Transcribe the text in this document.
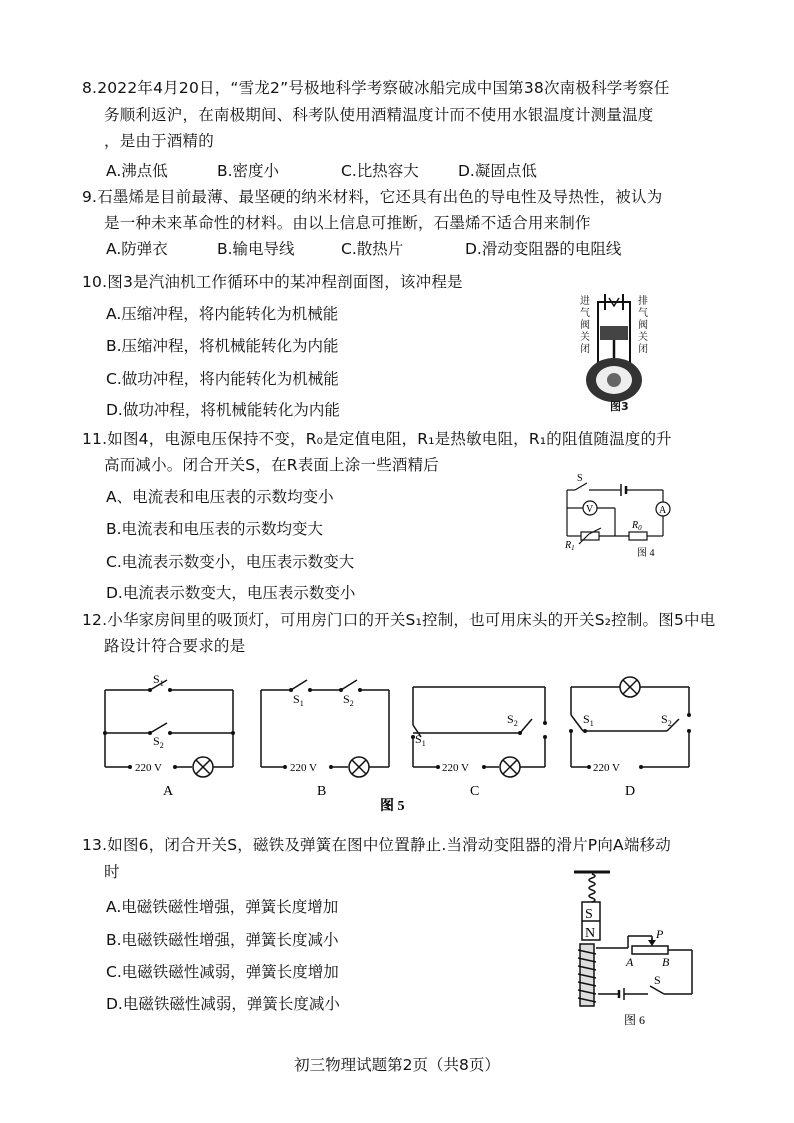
8.2022年4月20日，“雪龙2”号极地科学考察破冰船完成中国第38次南极科学考察任
务顺利返沪，在南极期间、科考队使用酒精温度计而不使用水银温度计测量温度
，是由于酒精的
A.沸点低	B.密度小	C.比热容大	D.凝固点低
9.石墨烯是目前最薄、最坚硬的纳米材料，它还具有出色的导电性及导热性，被认为
是一种未来革命性的材料。由以上信息可推断，石墨烯不适合用来制作
A.防弹衣	B.输电导线	C.散热片	D.滑动变阻器的电阻线
10.图3是汽油机工作循环中的某冲程剖面图，该冲程是
A.压缩冲程，将内能转化为机械能
B.压缩冲程，将机械能转化为内能
C.做功冲程，将内能转化为机械能
D.做功冲程，将机械能转化为内能
进气阀关闭
排气阀关闭
图3
11.如图4，电源电压保持不变，R₀是定值电阻，R₁是热敏电阻，R₁的阻值随温度的升
高而减小。闭合开关S，在R表面上涂一些酒精后
A、电流表和电压表的示数均变小
B.电流表和电压表的示数均变大
C.电流表示数变小，电压表示数变大
D.电流表示数变大，电压表示数变小
S
V	A
$R_0$
$R_1$	图 4
12.小华家房间里的吸顶灯，可用房门口的开关S₁控制，也可用床头的开关S₂控制。图5中电
路设计符合要求的是
$S_1$
$S_2$
220 V
$S_1$	$S_2$
220 V
$S_1$
$S_2$
220 V
$S_1$	$S_2$
220 V
A	B	C	D
图 5
13.如图6，闭合开关S，磁铁及弹簧在图中位置静止.当滑动变阻器的滑片P向A端移动
时
A.电磁铁磁性增强，弹簧长度增加
B.电磁铁磁性增强，弹簧长度减小
C.电磁铁磁性减弱，弹簧长度增加
D.电磁铁磁性减弱，弹簧长度减小
S
N	P
A B
S
图 6
初三物理试题第2页（共8页）
